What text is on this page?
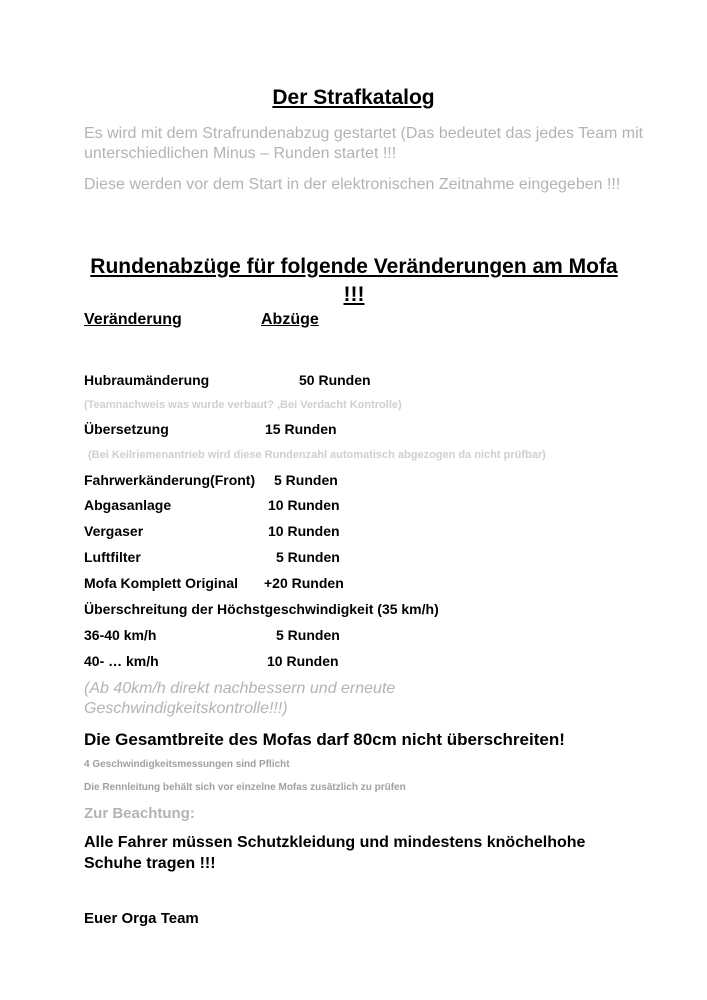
Der Strafkatalog
Es wird mit dem Strafrundenabzug gestartet (Das bedeutet das jedes Team mit unterschiedlichen Minus – Runden startet !!!
Diese werden vor dem Start in der elektronischen Zeitnahme eingegeben !!!
Rundenabzüge für folgende Veränderungen am Mofa !!!
Veränderung	Abzüge
Hubraumänderung	50 Runden
(Teamnachweis was wurde verbaut? ,Bei Verdacht Kontrolle)
Übersetzung	15 Runden
(Bei Keilriemenantrieb wird diese Rundenzahl automatisch abgezogen da nicht prüfbar)
Fahrwerkänderung(Front) 5 Runden
Abgasanlage	10 Runden
Vergaser	10 Runden
Luftfilter	5 Runden
Mofa Komplett Original +20 Runden
Überschreitung der Höchstgeschwindigkeit (35 km/h)
36-40 km/h	5 Runden
40- … km/h	10 Runden
(Ab 40km/h direkt nachbessern und erneute Geschwindigkeitskontrolle!!!)
Die Gesamtbreite des Mofas darf 80cm nicht überschreiten!
4 Geschwindigkeitsmessungen sind Pflicht
Die Rennleitung behält sich vor einzelne Mofas zusätzlich zu prüfen
Zur Beachtung:
Alle Fahrer müssen Schutzkleidung und mindestens knöchelhohe Schuhe tragen !!!
Euer Orga Team
